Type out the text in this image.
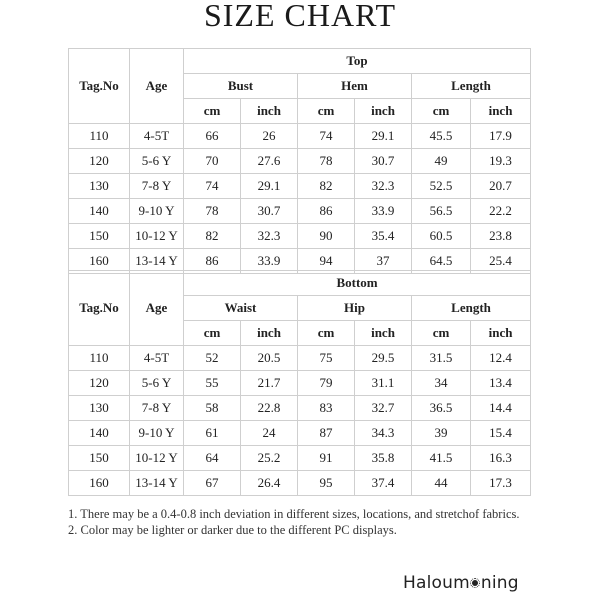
SIZE CHART
Tag.No	Age	Top					
		Bust		Hem		Length	
		cm	inch	cm	inch	cm	inch
110	4-5T	66	26	74	29.1	45.5	17.9
120	5-6 Y	70	27.6	78	30.7	49	19.3
130	7-8 Y	74	29.1	82	32.3	52.5	20.7
140	9-10 Y	78	30.7	86	33.9	56.5	22.2
150	10-12 Y	82	32.3	90	35.4	60.5	23.8
160	13-14 Y	86	33.9	94	37	64.5	25.4
Tag.No	Age	Bottom					
		Waist		Hip		Length	
		cm	inch	cm	inch	cm	inch
110	4-5T	52	20.5	75	29.5	31.5	12.4
120	5-6 Y	55	21.7	79	31.1	34	13.4
130	7-8 Y	58	22.8	83	32.7	36.5	14.4
140	9-10 Y	61	24	87	34.3	39	15.4
150	10-12 Y	64	25.2	91	35.8	41.5	16.3
160	13-14 Y	67	26.4	95	37.4	44	17.3

1. There may be a 0.4-0.8 inch deviation in different sizes, locations, and stretchof fabrics.

2. Color may be lighter or darker due to the different PC displays.

Haloum ning
